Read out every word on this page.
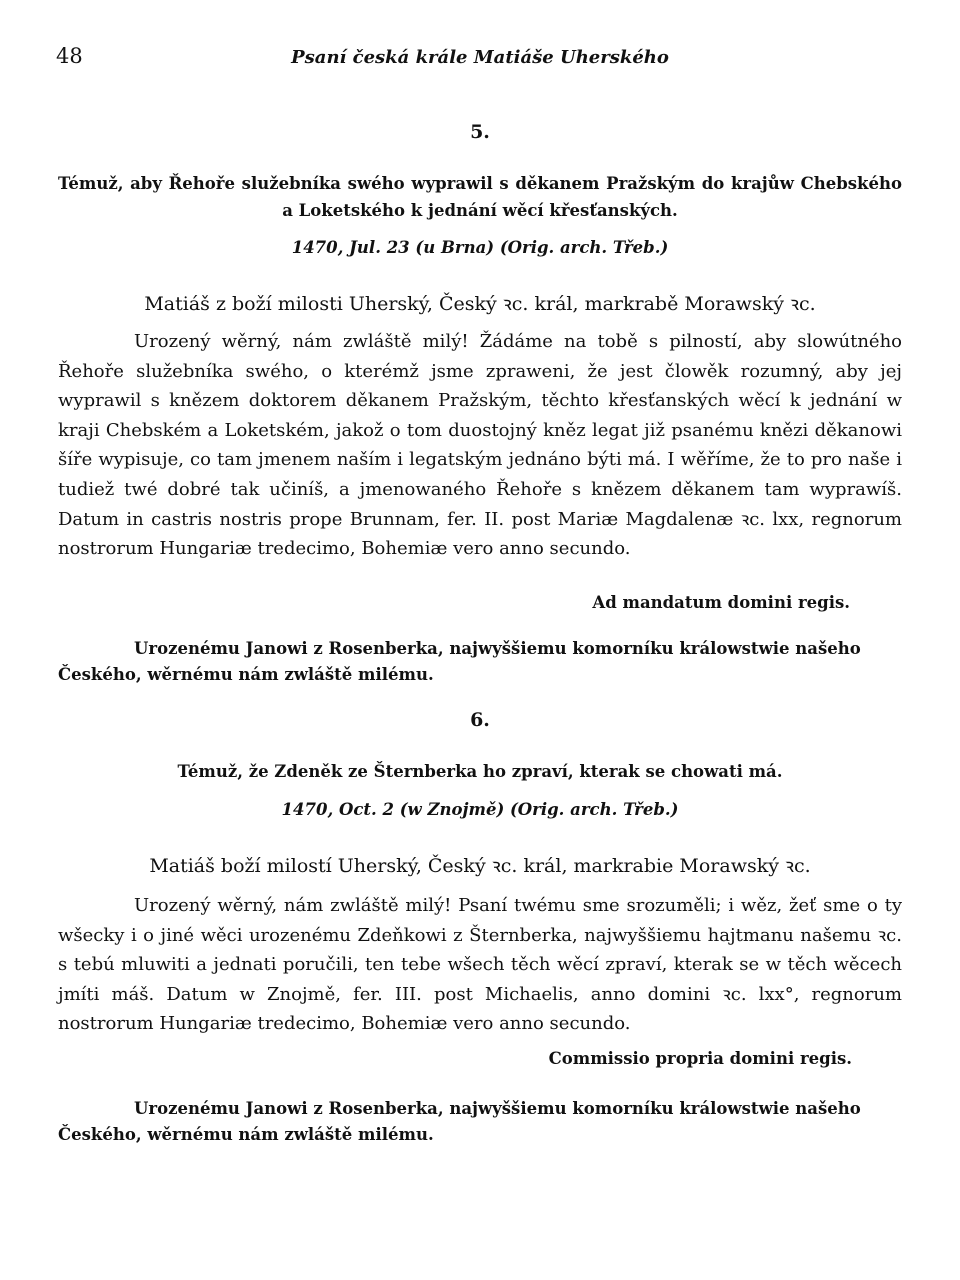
48	Psaní česká krále Matiáše Uherského
5.
Témuž, aby Řehoře služebníka swého wyprawil s děkanem Pražským do krajůw Chebského a Loketského k jednání wěcí křesťanských.
1470, Jul. 23 (u Brna) (Orig. arch. Třeb.)
Matiáš z boží milosti Uherský, Český ꝛc. král, markrabě Morawský ꝛc.

Urozený wěrný, nám zwláště milý! Žádáme na tobě s pilností, aby slowútného Řehoře služebníka swého, o kterémž jsme zpraweni, že jest člowěk rozumný, aby jej wyprawil s knězem doktorem děkanem Pražským, těchto křesťanských wěcí k jednání w kraji Chebském a Loketském, jakož o tom duostojný kněz legat již psanému knězi děkanowi šíře wypisuje, co tam jmenem naším i legatským jednáno býti má. I wěříme, že to pro naše i tudiež twé dobré tak učiníš, a jmenowaného Řehoře s knězem děkanem tam wyprawíš. Datum in castris nostris prope Brunnam, fer. II. post Mariæ Magdalenæ ꝛc. lxx, regnorum nostrorum Hungariæ tredecimo, Bohemiæ vero anno secundo.

Ad mandatum domini regis.

Urozenému Janowi z Rosenberka, najwyššiemu komorníku králowstwie našeho Českého, wěrnému nám zwláště milému.

6.
Témuž, že Zdeněk ze Šternberka ho zpraví, kterak se chowati má.
1470, Oct. 2 (w Znojmě) (Orig. arch. Třeb.)
Matiáš boží milostí Uherský, Český ꝛc. král, markrabie Morawský ꝛc.

Urozený wěrný, nám zwláště milý! Psaní twému sme srozuměli; i wěz, žeť sme o ty wšecky i o jiné wěci urozenému Zdeňkowi z Šternberka, najwyššiemu hajtmanu našemu ꝛc. s tebú mluwiti a jednati poručili, ten tebe wšech těch wěcí zpraví, kterak se w těch wěcech jmíti máš. Datum w Znojmě, fer. III. post Michaelis, anno domini ꝛc. lxx°, regnorum nostrorum Hungariæ tredecimo, Bohemiæ vero anno secundo.

Commissio propria domini regis.

Urozenému Janowi z Rosenberka, najwyššiemu komorníku králowstwie našeho Českého, wěrnému nám zwláště milému.
